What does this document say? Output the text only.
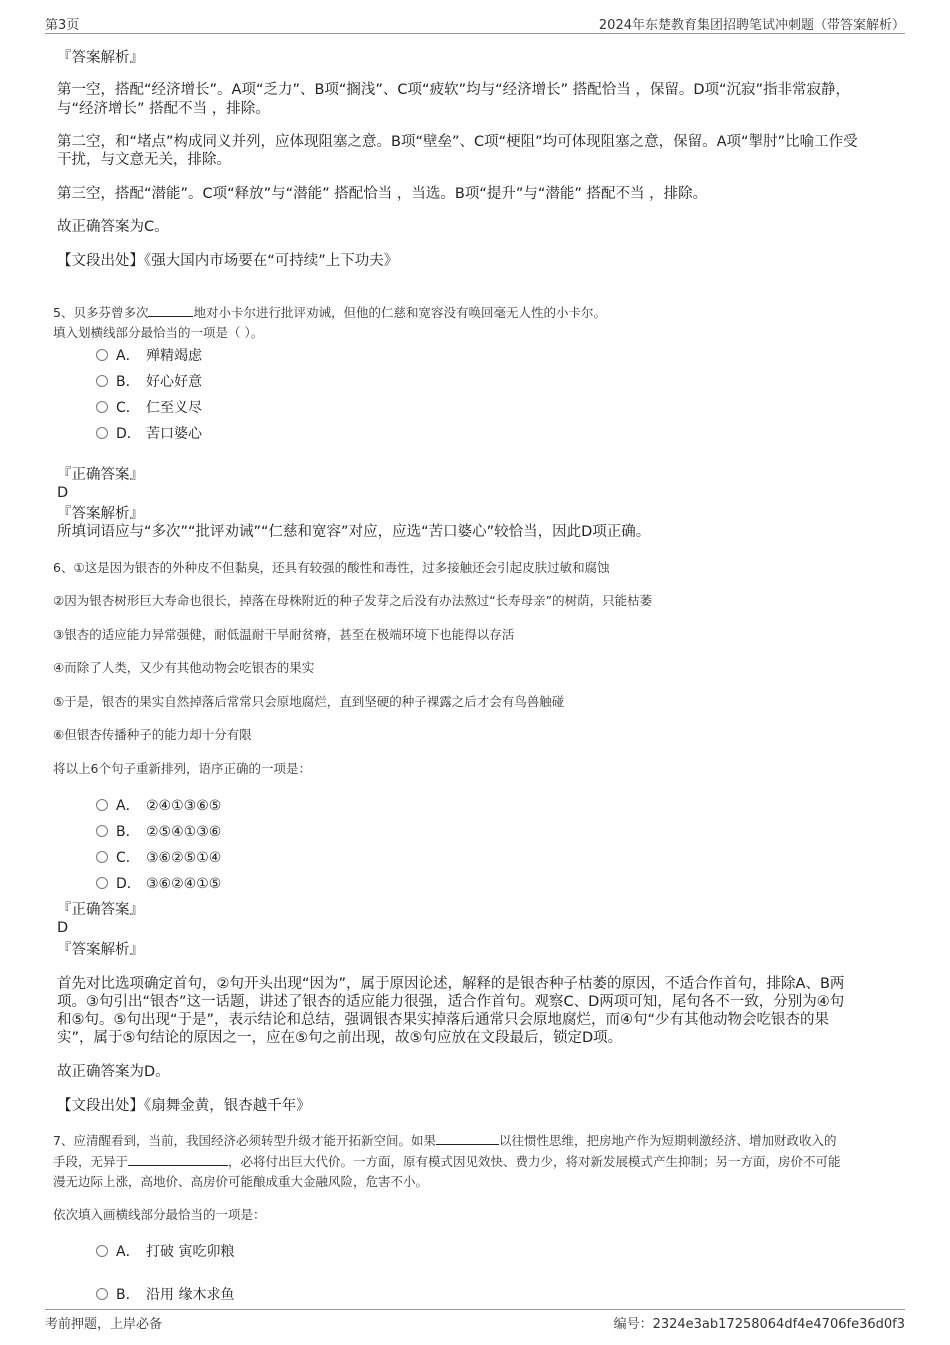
第3页	2024年东楚教育集团招聘笔试冲刺题（带答案解析）
『答案解析』
第一空，搭配“经济增长”。A项“乏力”、B项“搁浅”、C项“疲软”均与“经济增长” 搭配恰当 ，保留。D项“沉寂”指非常寂静，
与“经济增长” 搭配不当 ，排除。
第二空，和“堵点”构成同义并列，应体现阻塞之意。B项“壁垒”、C项“梗阻”均可体现阻塞之意，保留。A项“掣肘”比喻工作受
干扰，与文意无关，排除。
第三空，搭配“潜能”。C项“释放”与“潜能” 搭配恰当 ，当选。B项“提升”与“潜能” 搭配不当 ，排除。
故正确答案为C。
【文段出处】《强大国内市场要在“可持续”上下功夫》
5、贝多芬曾多次	地对小卡尔进行批评劝诫，但他的仁慈和宽容没有唤回毫无人性的小卡尔。
填入划横线部分最恰当的一项是（ ）。
A． 殚精竭虑
B． 好心好意
C． 仁至义尽
D． 苦口婆心
『正确答案』
D
『答案解析』
所填词语应与“多次”“批评劝诫”“仁慈和宽容”对应，应选“苦口婆心”较恰当，因此D项正确。
6、①这是因为银杏的外种皮不但黏臭，还具有较强的酸性和毒性，过多接触还会引起皮肤过敏和腐蚀
②因为银杏树形巨大寿命也很长，掉落在母株附近的种子发芽之后没有办法熬过“长寿母亲”的树荫，只能枯萎
③银杏的适应能力异常强健，耐低温耐干旱耐贫瘠，甚至在极端环境下也能得以存活
④而除了人类，又少有其他动物会吃银杏的果实
⑤于是，银杏的果实自然掉落后常常只会原地腐烂，直到坚硬的种子裸露之后才会有鸟兽触碰
⑥但银杏传播种子的能力却十分有限
将以上6个句子重新排列，语序正确的一项是：
A． ②④①③⑥⑤
B． ②⑤④①③⑥
C． ③⑥②⑤①④
D． ③⑥②④①⑤
『正确答案』
D
『答案解析』
首先对比选项确定首句，②句开头出现“因为”，属于原因论述，解释的是银杏种子枯萎的原因，不适合作首句，排除A、B两
项。③句引出“银杏”这一话题，讲述了银杏的适应能力很强，适合作首句。观察C、D两项可知，尾句各不一致，分别为④句
和⑤句。⑤句出现“于是”，表示结论和总结，强调银杏果实掉落后通常只会原地腐烂，而④句“少有其他动物会吃银杏的果
实”，属于⑤句结论的原因之一，应在⑤句之前出现，故⑤句应放在文段最后，锁定D项。
故正确答案为D。
【文段出处】《扇舞金黄，银杏越千年》
7、应清醒看到，当前，我国经济必须转型升级才能开拓新空间。如果	以往惯性思维，把房地产作为短期刺激经济、增加财政收入的
手段，无异于	，必将付出巨大代价。一方面，原有模式因见效快、费力少，将对新发展模式产生抑制；另一方面，房价不可能
漫无边际上涨，高地价、高房价可能酿成重大金融风险，危害不小。
依次填入画横线部分最恰当的一项是：
A． 打破 寅吃卯粮
B． 沿用 缘木求鱼
考前押题，上岸必备	编号：2324e3ab17258064df4e4706fe36d0f3
